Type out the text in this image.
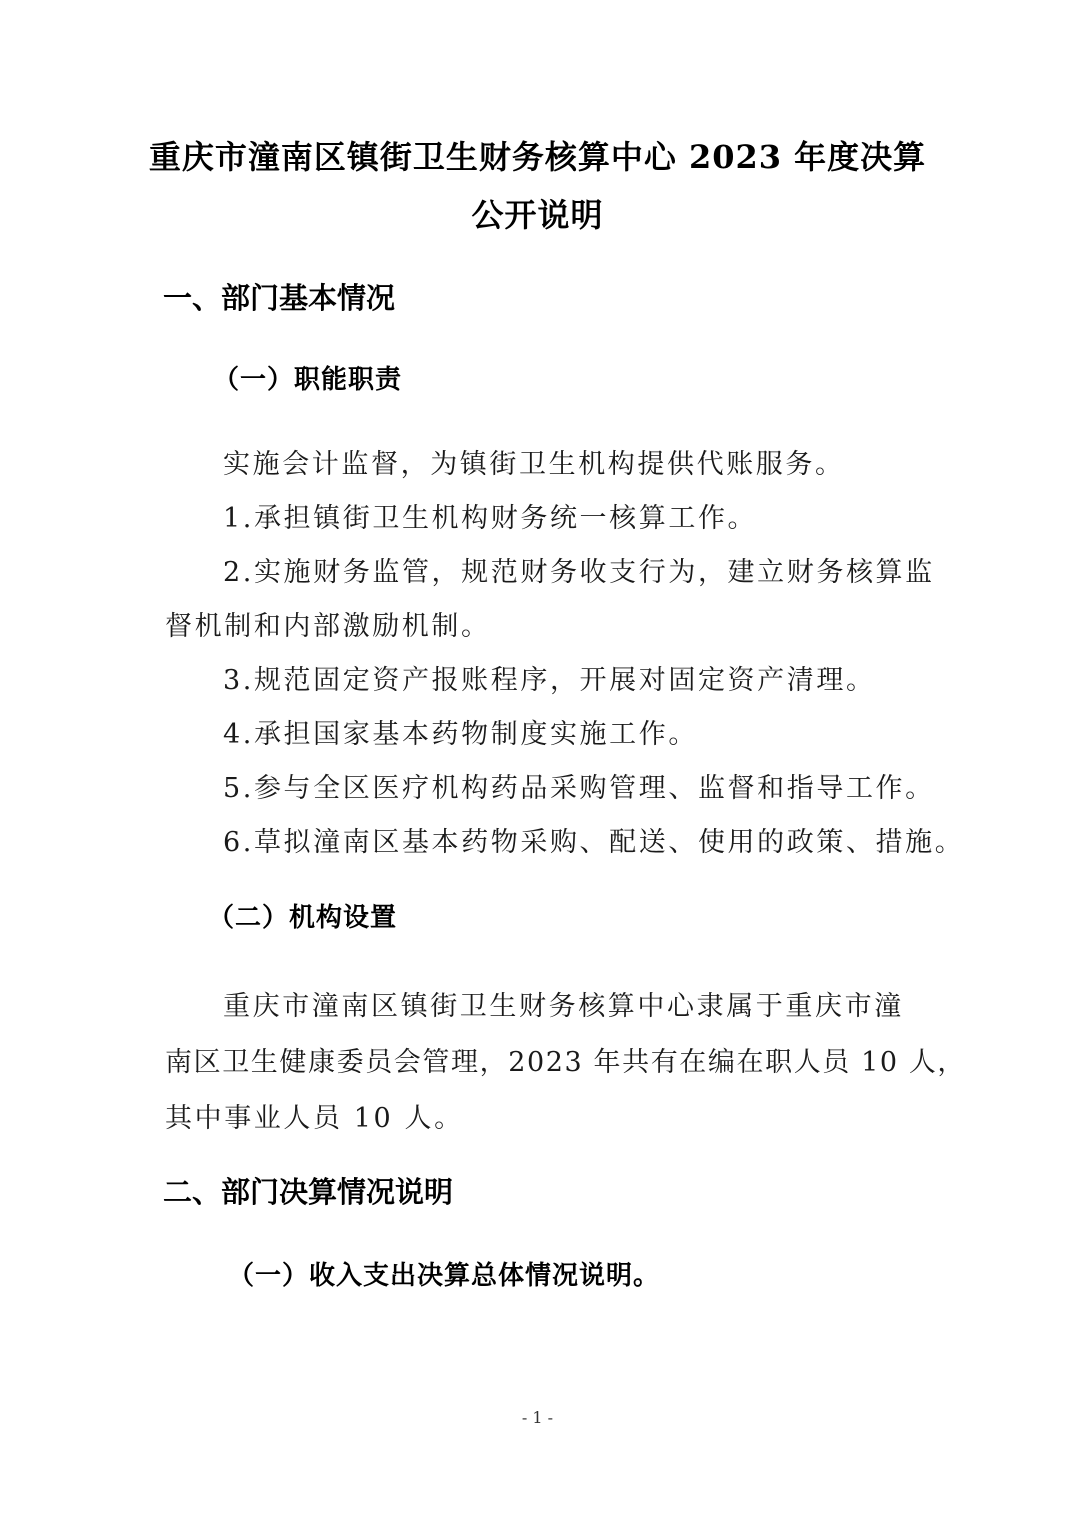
重庆市潼南区镇街卫生财务核算中心 2023 年度决算
公开说明
一、部门基本情况
（一）职能职责
实施会计监督，为镇街卫生机构提供代账服务。
1.承担镇街卫生机构财务统一核算工作。
2.实施财务监管，规范财务收支行为，建立财务核算监
督机制和内部激励机制。
3.规范固定资产报账程序，开展对固定资产清理。
4.承担国家基本药物制度实施工作。
5.参与全区医疗机构药品采购管理、监督和指导工作。
6.草拟潼南区基本药物采购、配送、使用的政策、措施。
（二）机构设置
重庆市潼南区镇街卫生财务核算中心隶属于重庆市潼
南区卫生健康委员会管理，2023 年共有在编在职人员 10 人，
其中事业人员 10 人。
二、部门决算情况说明
（一）收入支出决算总体情况说明。
- 1 -
